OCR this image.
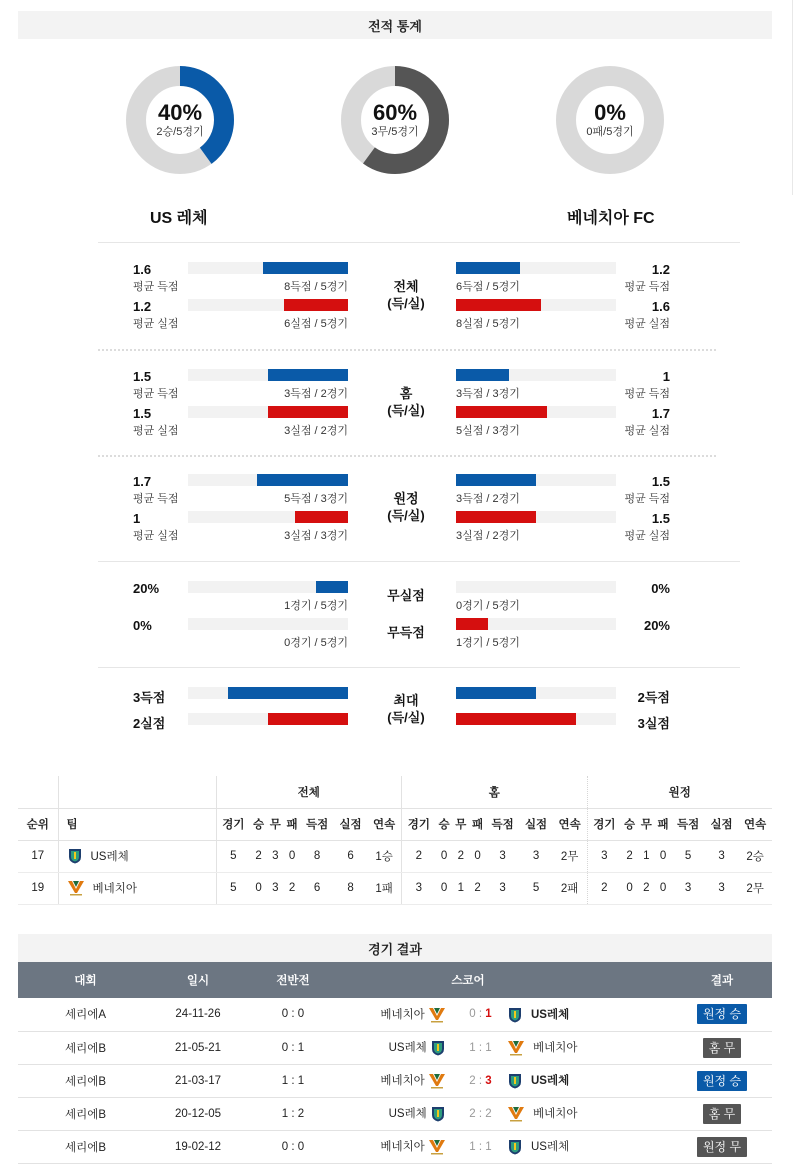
전적 통계
40%
2승/5경기
60%
3무/5경기
0%
0패/5경기
US 레체	베네치아 FC
전체
(득/실)
1.6
평균 득점	8득점 / 5경기	6득점 / 5경기
1.2
평균 득점
1.2
평균 실점	6실점 / 5경기	8실점 / 5경기
1.6
평균 실점
홈
(득/실)
1.5
평균 득점	3득점 / 2경기	3득점 / 3경기
1
평균 득점
1.5
평균 실점	3실점 / 2경기	5실점 / 3경기
1.7
평균 실점
원정
(득/실)
1.7
평균 득점	5득점 / 3경기	3득점 / 2경기
1.5
평균 득점
1
평균 실점	3실점 / 3경기	3실점 / 2경기
1.5
평균 실점
20%
1경기 / 5경기
무실점
0경기 / 5경기
0%
0%
0경기 / 5경기
무득점
1경기 / 5경기
20%
최대
(득/실)
3득점	2득점
2실점	3실점
		전체							홈							원정						
순위	팀	경기	승	무	패	득점	실점	연속	경기	승	무	패	득점	실점	연속	경기	승	무	패	득점	실점	연속
17	US레체	5	2	3	0	8	6	1승	2	0	2	0	3	3	2무	3	2	1	0	5	3	2승
19	베네치아	5	0	3	2	6	8	1패	3	0	1	2	3	5	2패	2	0	2	0	3	3	2무
경기 결과
대회	일시	전반전	스코어				결과
세리에A	24-11-26	0 : 0	베네치아	0 : 1	US레체		원정 승
세리에B	21-05-21	0 : 1	US레체	1 : 1	베네치아		홈 무
세리에B	21-03-17	1 : 1	베네치아	2 : 3	US레체		원정 승
세리에B	20-12-05	1 : 2	US레체	2 : 2	베네치아		홈 무
세리에B	19-02-12	0 : 0	베네치아	1 : 1	US레체		원정 무
